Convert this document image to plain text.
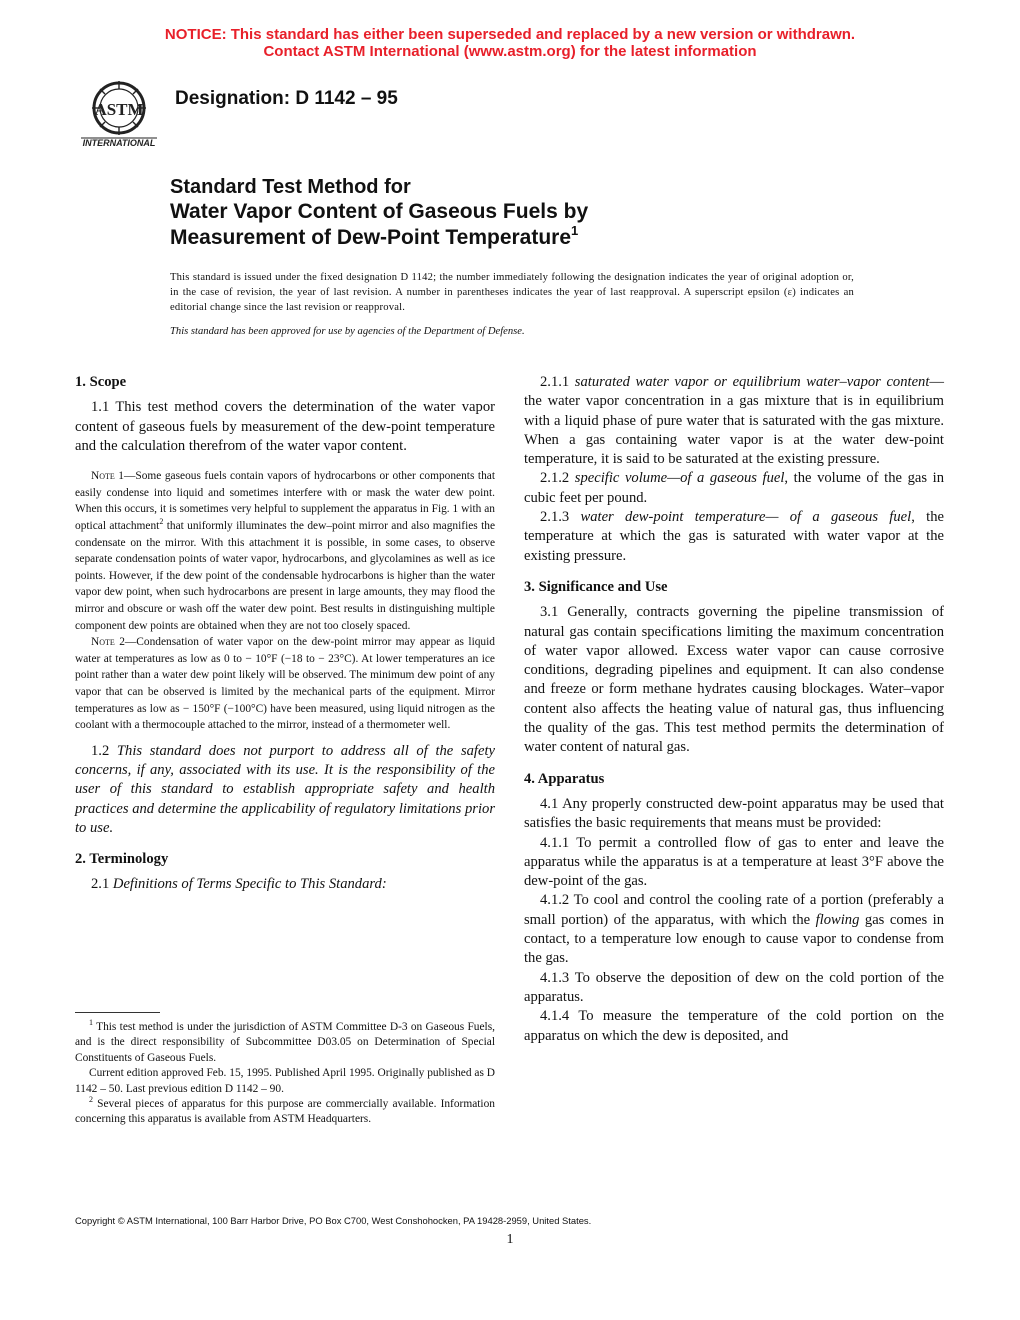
NOTICE: This standard has either been superseded and replaced by a new version or withdrawn.
Contact ASTM International (www.astm.org) for the latest information
ASTM
INTERNATIONAL
Designation: D 1142 – 95
Standard Test Method for
Water Vapor Content of Gaseous Fuels by
Measurement of Dew-Point Temperature$^1$
This standard is issued under the fixed designation D 1142; the number immediately following the designation indicates the year of original adoption or, in the case of revision, the year of last revision. A number in parentheses indicates the year of last reapproval. A superscript epsilon (ε) indicates an editorial change since the last revision or reapproval.
This standard has been approved for use by agencies of the Department of Defense.
1. Scope

1.1 This test method covers the determination of the water vapor content of gaseous fuels by measurement of the dew-point temperature and the calculation therefrom of the water vapor content.

Note 1—Some gaseous fuels contain vapors of hydrocarbons or other components that easily condense into liquid and sometimes interfere with or mask the water dew point. When this occurs, it is sometimes very helpful to supplement the apparatus in Fig. 1 with an optical attachment$^2$ that uniformly illuminates the dew–point mirror and also magnifies the condensate on the mirror. With this attachment it is possible, in some cases, to observe separate condensation points of water vapor, hydrocarbons, and glycolamines as well as ice points. However, if the dew point of the condensable hydrocarbons is higher than the water vapor dew point, when such hydrocarbons are present in large amounts, they may flood the mirror and obscure or wash off the water dew point. Best results in distinguishing multiple component dew points are obtained when they are not too closely spaced.

Note 2—Condensation of water vapor on the dew-point mirror may appear as liquid water at temperatures as low as 0 to − 10°F (−18 to − 23°C). At lower temperatures an ice point rather than a water dew point likely will be observed. The minimum dew point of any vapor that can be observed is limited by the mechanical parts of the equipment. Mirror temperatures as low as − 150°F (−100°C) have been measured, using liquid nitrogen as the coolant with a thermocouple attached to the mirror, instead of a thermometer well.

1.2 This standard does not purport to address all of the safety concerns, if any, associated with its use. It is the responsibility of the user of this standard to establish appropriate safety and health practices and determine the applicability of regulatory limitations prior to use.

2. Terminology

2.1 Definitions of Terms Specific to This Standard:

2.1.1 saturated water vapor or equilibrium water–vapor content—the water vapor concentration in a gas mixture that is in equilibrium with a liquid phase of pure water that is saturated with the gas mixture. When a gas containing water vapor is at the water dew-point temperature, it is said to be saturated at the existing pressure.

2.1.2 specific volume—of a gaseous fuel, the volume of the gas in cubic feet per pound.

2.1.3 water dew-point temperature— of a gaseous fuel, the temperature at which the gas is saturated with water vapor at the existing pressure.

3. Significance and Use

3.1 Generally, contracts governing the pipeline transmission of natural gas contain specifications limiting the maximum concentration of water vapor allowed. Excess water vapor can cause corrosive conditions, degrading pipelines and equipment. It can also condense and freeze or form methane hydrates causing blockages. Water–vapor content also affects the heating value of natural gas, thus influencing the quality of the gas. This test method permits the determination of water content of natural gas.

4. Apparatus

4.1 Any properly constructed dew-point apparatus may be used that satisfies the basic requirements that means must be provided:

4.1.1 To permit a controlled flow of gas to enter and leave the apparatus while the apparatus is at a temperature at least 3°F above the dew-point of the gas.

4.1.2 To cool and control the cooling rate of a portion (preferably a small portion) of the apparatus, with which the flowing gas comes in contact, to a temperature low enough to cause vapor to condense from the gas.

4.1.3 To observe the deposition of dew on the cold portion of the apparatus.

4.1.4 To measure the temperature of the cold portion on the apparatus on which the dew is deposited, and

$^1$ This test method is under the jurisdiction of ASTM Committee D-3 on Gaseous Fuels, and is the direct responsibility of Subcommittee D03.05 on Determination of Special Constituents of Gaseous Fuels.

Current edition approved Feb. 15, 1995. Published April 1995. Originally published as D 1142 – 50. Last previous edition D 1142 – 90.

$^2$ Several pieces of apparatus for this purpose are commercially available. Information concerning this apparatus is available from ASTM Headquarters.

Copyright © ASTM International, 100 Barr Harbor Drive, PO Box C700, West Conshohocken, PA 19428-2959, United States.
1
